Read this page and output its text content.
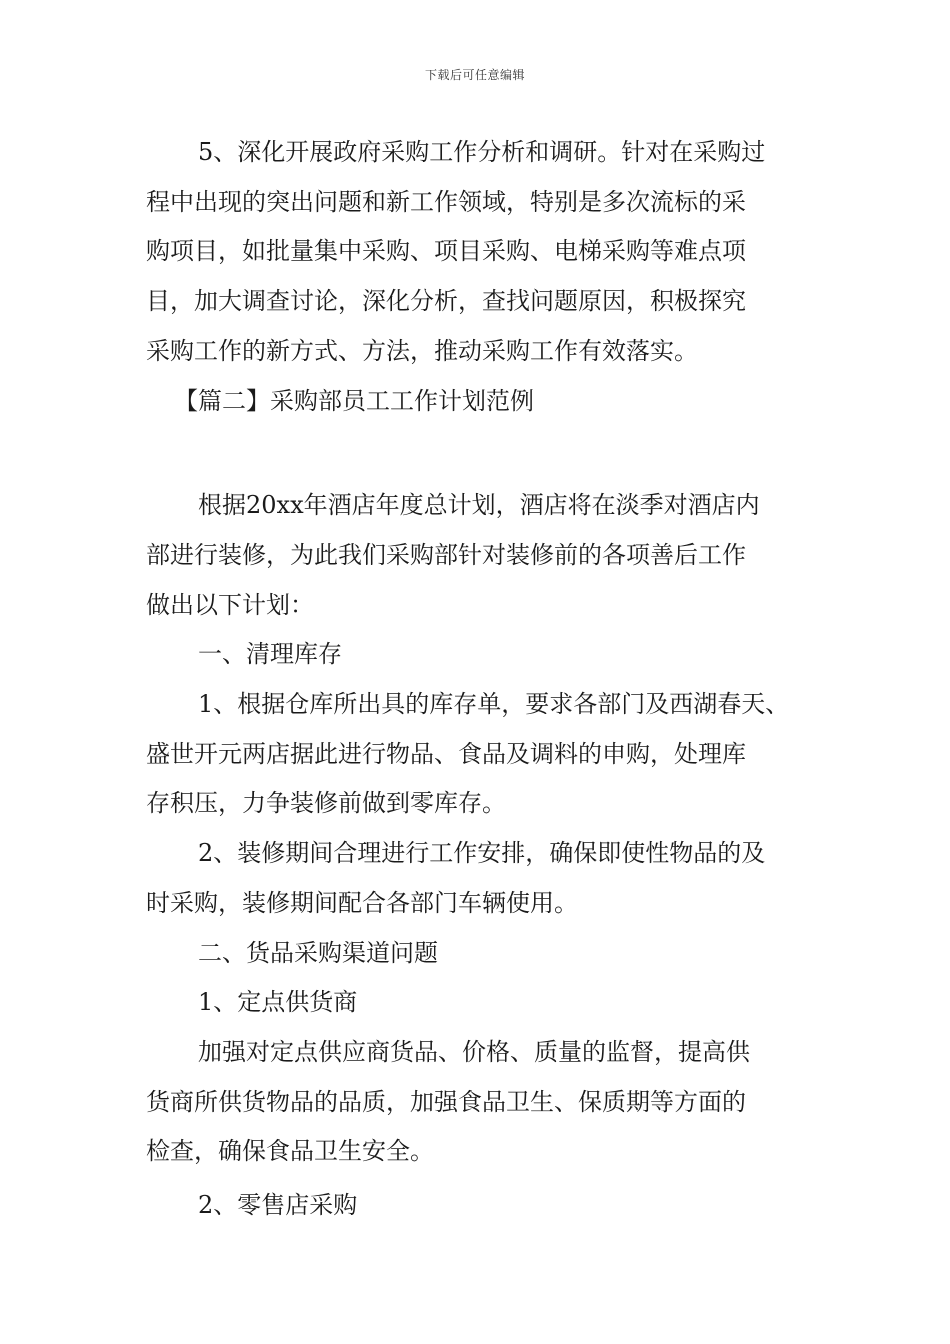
下载后可任意编辑
5、深化开展政府采购工作分析和调研。针对在采购过
程中出现的突出问题和新工作领域，特别是多次流标的采
购项目，如批量集中采购、项目采购、电梯采购等难点项
目，加大调查讨论，深化分析，查找问题原因，积极探究
采购工作的新方式、方法，推动采购工作有效落实。
【篇二】采购部员工工作计划范例
根据20xx年酒店年度总计划，酒店将在淡季对酒店内
部进行装修，为此我们采购部针对装修前的各项善后工作
做出以下计划：
一、清理库存
1、根据仓库所出具的库存单，要求各部门及西湖春天、
盛世开元两店据此进行物品、食品及调料的申购，处理库
存积压，力争装修前做到零库存。
2、装修期间合理进行工作安排，确保即使性物品的及
时采购，装修期间配合各部门车辆使用。
二、货品采购渠道问题
1、定点供货商
加强对定点供应商货品、价格、质量的监督，提高供
货商所供货物品的品质，加强食品卫生、保质期等方面的
检查，确保食品卫生安全。
2、零售店采购
